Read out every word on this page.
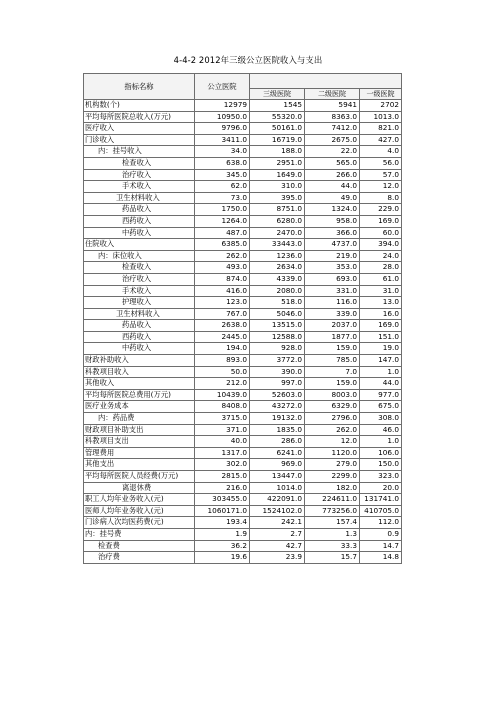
4-4-2 2012年三级公立医院收入与支出
指标名称	公立医院			
		三级医院	二级医院	一级医院
机构数(个)	12979	1545	5941	2702
平均每所医院总收入(万元)	10950.0	55320.0	8363.0	1013.0
医疗收入	9796.0	50161.0	7412.0	821.0
门诊收入	3411.0	16719.0	2675.0	427.0
内：挂号收入	34.0	188.0	22.0	4.0
检查收入	638.0	2951.0	565.0	56.0
治疗收入	345.0	1649.0	266.0	57.0
手术收入	62.0	310.0	44.0	12.0
卫生材料收入	73.0	395.0	49.0	8.0
药品收入	1750.0	8751.0	1324.0	229.0
西药收入	1264.0	6280.0	958.0	169.0
中药收入	487.0	2470.0	366.0	60.0
住院收入	6385.0	33443.0	4737.0	394.0
内：床位收入	262.0	1236.0	219.0	24.0
检查收入	493.0	2634.0	353.0	28.0
治疗收入	874.0	4339.0	693.0	61.0
手术收入	416.0	2080.0	331.0	31.0
护理收入	123.0	518.0	116.0	13.0
卫生材料收入	767.0	5046.0	339.0	16.0
药品收入	2638.0	13515.0	2037.0	169.0
西药收入	2445.0	12588.0	1877.0	151.0
中药收入	194.0	928.0	159.0	19.0
财政补助收入	893.0	3772.0	785.0	147.0
科教项目收入	50.0	390.0	7.0	1.0
其他收入	212.0	997.0	159.0	44.0
平均每所医院总费用(万元)	10439.0	52603.0	8003.0	977.0
医疗业务成本	8408.0	43272.0	6329.0	675.0
内：药品费	3715.0	19132.0	2796.0	308.0
财政项目补助支出	371.0	1835.0	262.0	46.0
科教项目支出	40.0	286.0	12.0	1.0
管理费用	1317.0	6241.0	1120.0	106.0
其他支出	302.0	969.0	279.0	150.0
平均每所医院人员经费(万元)	2815.0	13447.0	2299.0	323.0
离退休费	216.0	1014.0	182.0	20.0
职工人均年业务收入(元)	303455.0	422091.0	224611.0	131741.0
医师人均年业务收入(元)	1060171.0	1524102.0	773256.0	410705.0
门诊病人次均医药费(元)	193.4	242.1	157.4	112.0
内：挂号费	1.9	2.7	1.3	0.9
检查费	36.2	42.7	33.3	14.7
治疗费	19.6	23.9	15.7	14.8
